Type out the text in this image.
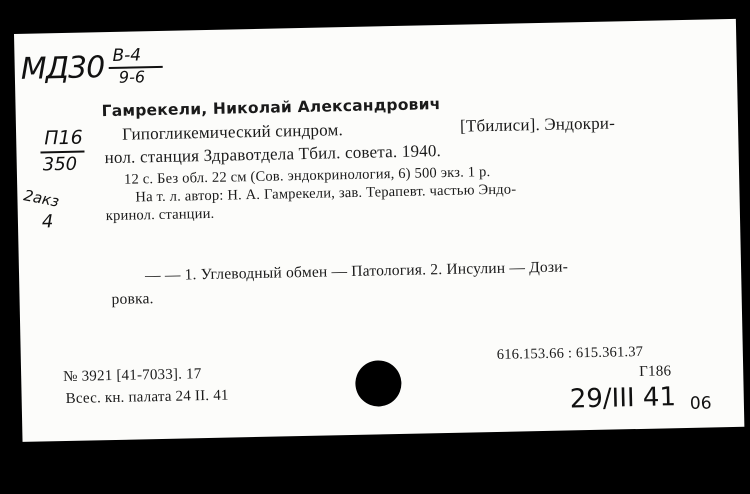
МД30 В-4
9-6
П16
350
2акз
4
Гамрекели, Николай Александрович
Гипогликемический синдром.	[Тбилиси]. Эндокри-
нол. станция Здравотдела Тбил. совета. 1940.
12 с. Без обл. 22 см (Сов. эндокринология, 6) 500 экз. 1 р.
На т. л. автор: Н. А. Гамрекели, зав. Терапевт. частью Эндо-
кринол. станции.
— — 1. Углеводный обмен — Патология. 2. Инсулин — Дози-
ровка.
№ 3921 [41-7033]. 17
Всес. кн. палата 24 II. 41
616.153.66 : 615.361.37
Г186
29/III 41 06
